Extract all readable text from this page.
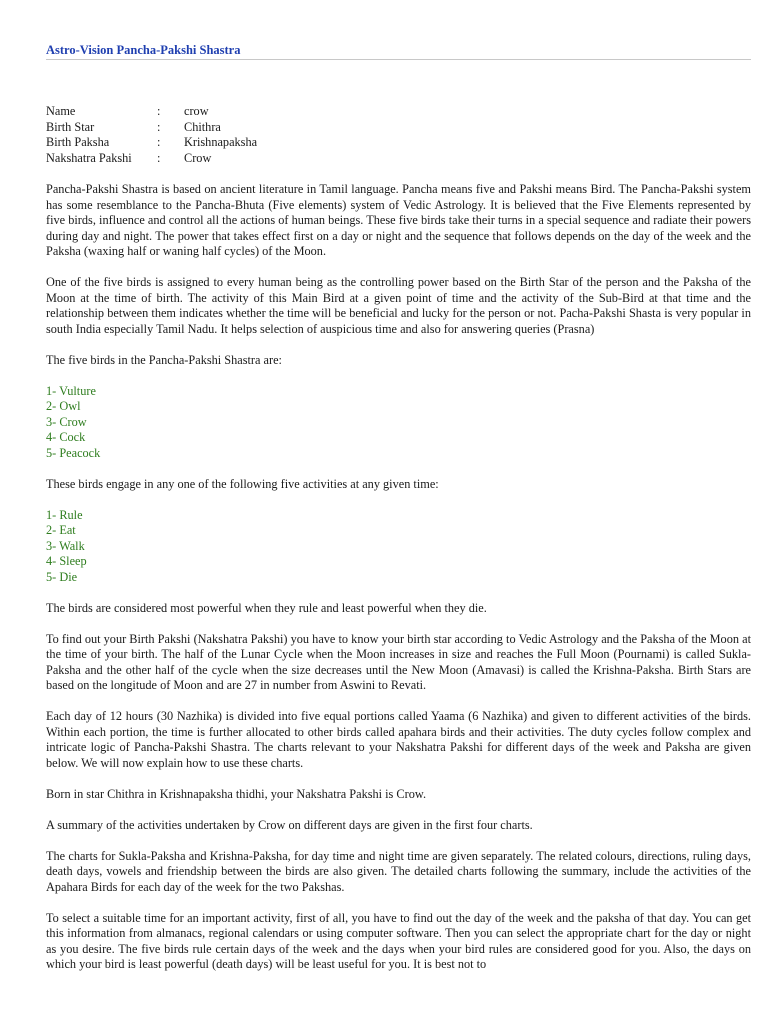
Astro-Vision Pancha-Pakshi Shastra
Name	:	crow
Birth Star	:	Chithra
Birth Paksha	:	Krishnapaksha
Nakshatra Pakshi	:	Crow

Pancha-Pakshi Shastra is based on ancient literature in Tamil language. Pancha means five and Pakshi means Bird. The Pancha-Pakshi system has some resemblance to the Pancha-Bhuta (Five elements) system of Vedic Astrology. It is believed that the Five Elements represented by five birds, influence and control all the actions of human beings. These five birds take their turns in a special sequence and radiate their powers during day and night. The power that takes effect first on a day or night and the sequence that follows depends on the day of the week and the Paksha (waxing half or waning half cycles) of the Moon.

One of the five birds is assigned to every human being as the controlling power based on the Birth Star of the person and the Paksha of the Moon at the time of birth. The activity of this Main Bird at a given point of time and the activity of the Sub-Bird at that time and the relationship between them indicates whether the time will be beneficial and lucky for the person or not. Pacha-Pakshi Shasta is very popular in south India especially Tamil Nadu. It helps selection of auspicious time and also for answering queries (Prasna)

The five birds in the Pancha-Pakshi Shastra are:

1- Vulture
2- Owl
3- Crow
4- Cock
5- Peacock

These birds engage in any one of the following five activities at any given time:

1- Rule
2- Eat
3- Walk
4- Sleep
5- Die

The birds are considered most powerful when they rule and least powerful when they die.

To find out your Birth Pakshi (Nakshatra Pakshi) you have to know your birth star according to Vedic Astrology and the Paksha of the Moon at the time of your birth. The half of the Lunar Cycle when the Moon increases in size and reaches the Full Moon (Pournami) is called Sukla-Paksha and the other half of the cycle when the size decreases until the New Moon (Amavasi) is called the Krishna-Paksha. Birth Stars are based on the longitude of Moon and are 27 in number from Aswini to Revati.

Each day of 12 hours (30 Nazhika) is divided into five equal portions called Yaama (6 Nazhika) and given to different activities of the birds. Within each portion, the time is further allocated to other birds called apahara birds and their activities. The duty cycles follow complex and intricate logic of Pancha-Pakshi Shastra. The charts relevant to your Nakshatra Pakshi for different days of the week and Paksha are given below. We will now explain how to use these charts.

Born in star Chithra in Krishnapaksha thidhi, your Nakshatra Pakshi is Crow.

A summary of the activities undertaken by Crow on different days are given in the first four charts.

The charts for Sukla-Paksha and Krishna-Paksha, for day time and night time are given separately. The related colours, directions, ruling days, death days, vowels and friendship between the birds are also given. The detailed charts following the summary, include the activities of the Apahara Birds for each day of the week for the two Pakshas.

To select a suitable time for an important activity, first of all, you have to find out the day of the week and the paksha of that day. You can get this information from almanacs, regional calendars or using computer software. Then you can select the appropriate chart for the day or night as you desire. The five birds rule certain days of the week and the days when your bird rules are considered good for you. Also, the days on which your bird is least powerful (death days) will be least useful for you. It is best not to
